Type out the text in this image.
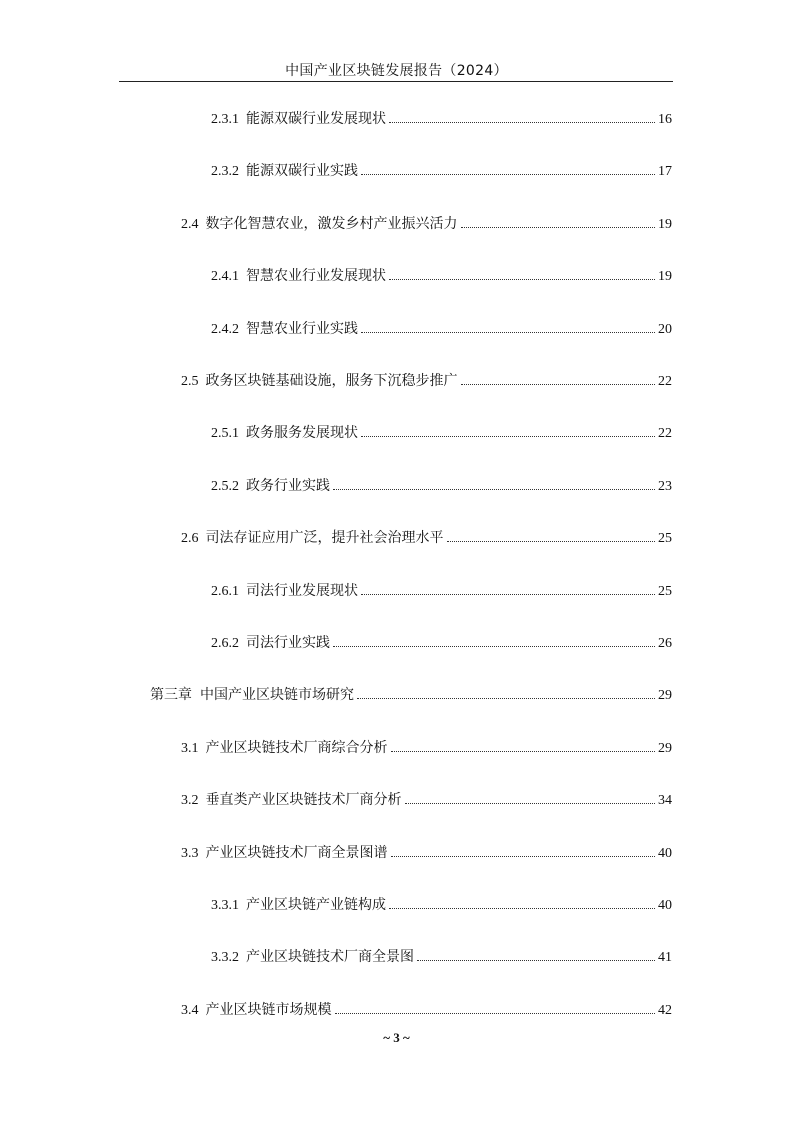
中国产业区块链发展报告（2024）
2.3.1 能源双碳行业发展现状	16
2.3.2 能源双碳行业实践	17
2.4 数字化智慧农业，激发乡村产业振兴活力	19
2.4.1 智慧农业行业发展现状	19
2.4.2 智慧农业行业实践	20
2.5 政务区块链基础设施，服务下沉稳步推广	22
2.5.1 政务服务发展现状	22
2.5.2 政务行业实践	23
2.6 司法存证应用广泛，提升社会治理水平	25
2.6.1 司法行业发展现状	25
2.6.2 司法行业实践	26
第三章 中国产业区块链市场研究	29
3.1 产业区块链技术厂商综合分析	29
3.2 垂直类产业区块链技术厂商分析	34
3.3 产业区块链技术厂商全景图谱	40
3.3.1 产业区块链产业链构成	40
3.3.2 产业区块链技术厂商全景图	41
3.4 产业区块链市场规模	42
~ 3 ~
